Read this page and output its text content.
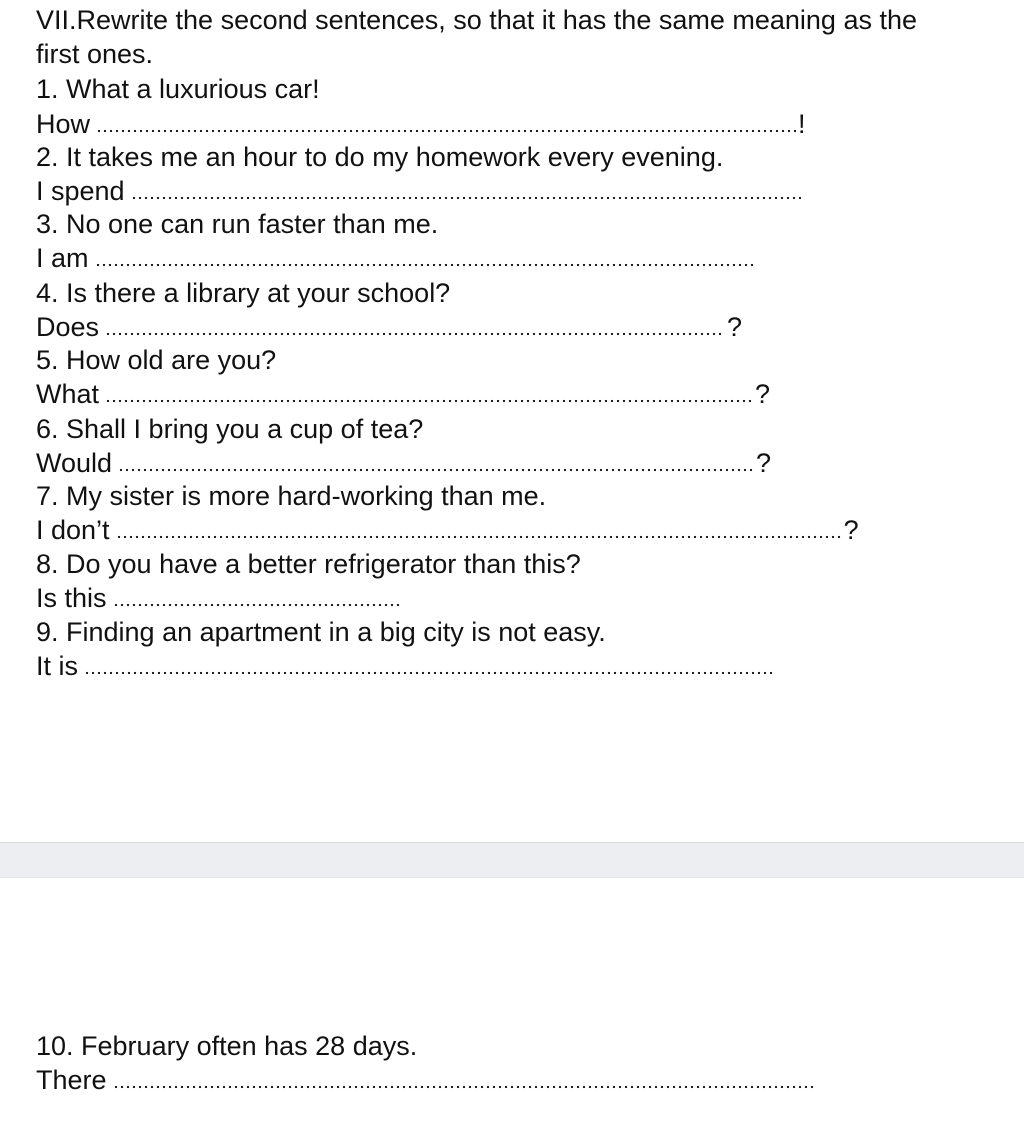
VII.Rewrite the second sentences, so that it has the same meaning as the
first ones.
1. What a luxurious car!
How	!
2. It takes me an hour to do my homework every evening.
I spend
3. No one can run faster than me.
I am
4. Is there a library at your school?
Does	?
5. How old are you?
What	?
6. Shall I bring you a cup of tea?
Would	?
7. My sister is more hard-working than me.
I don’t	?
8. Do you have a better refrigerator than this?
Is this
9. Finding an apartment in a big city is not easy.
It is
10. February often has 28 days.
There
